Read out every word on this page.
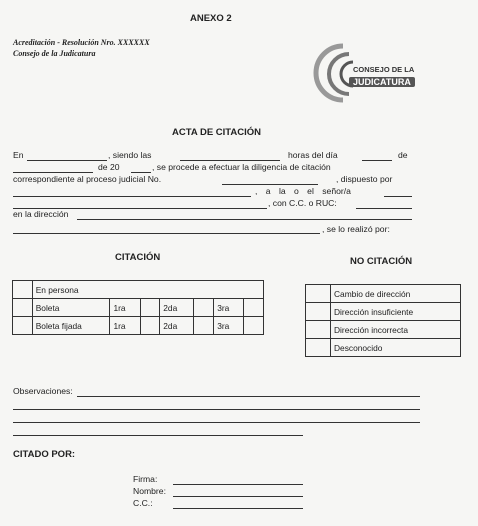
ANEXO 2
Acreditación - Resolución Nro. XXXXXX
Consejo de la Judicatura
CONSEJO DE LA
JUDICATURA
ACTA DE CITACIÓN
En	, siendo las	horas del día	de
de 20	, se procede a efectuar la diligencia de citación
correspondiente al proceso judicial No.	, dispuesto por
, a la o el señor/a
, con C.C. o RUC:
en la dirección
, se lo realizó por:
CITACIÓN	NO CITACIÓN
	En persona						
	Boleta	1ra		2da		3ra	
	Boleta fijada	1ra		2da		3ra	
	Cambio de dirección
	Dirección insuficiente
	Dirección incorrecta
	Desconocido
Observaciones:
CITADO POR:
Firma:
Nombre:
C.C.:
